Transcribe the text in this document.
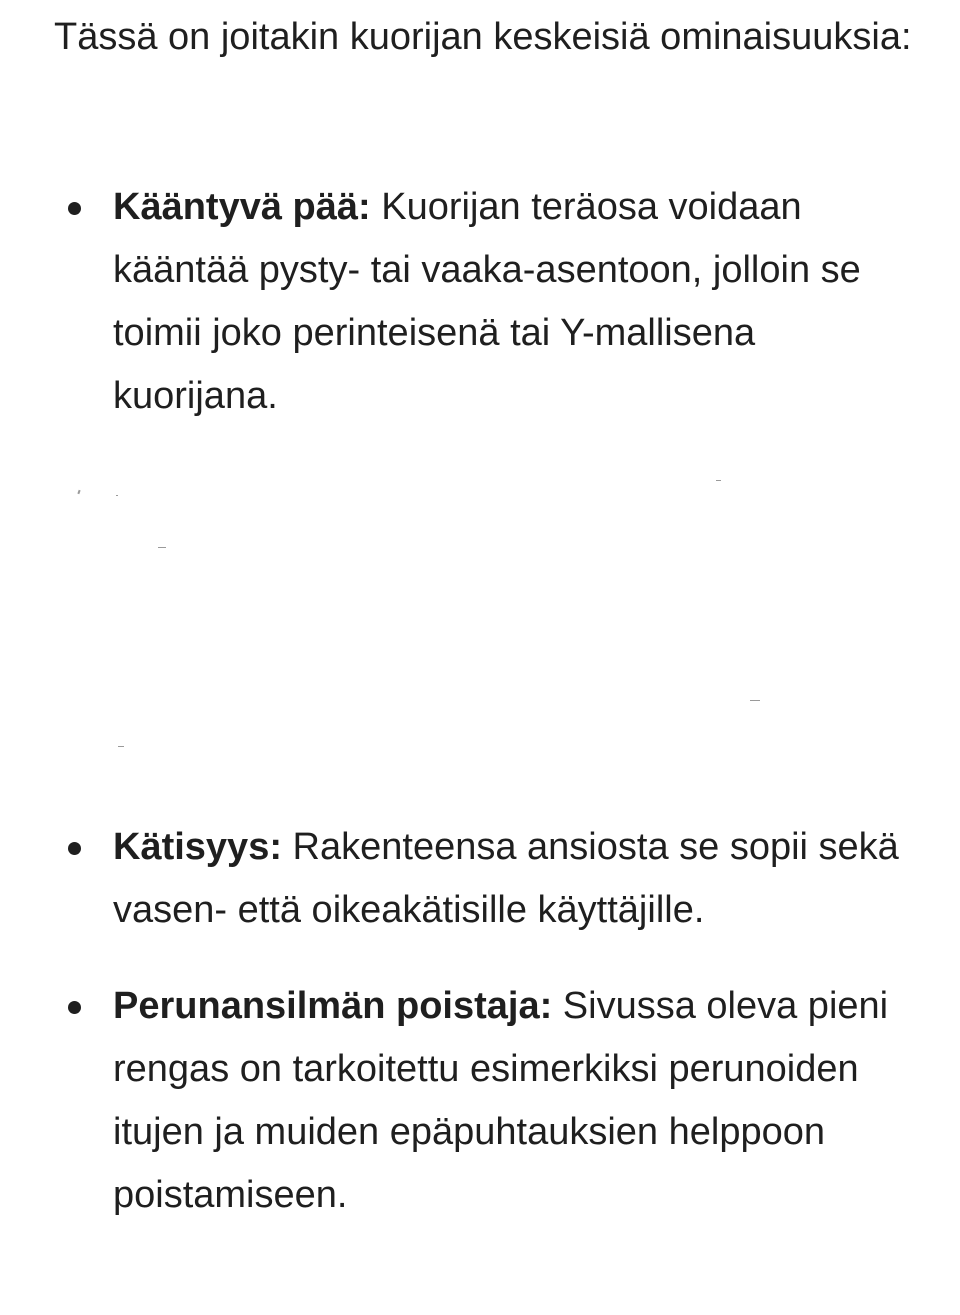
Tässä on joitakin kuorijan keskeisiä ominaisuuksia:

Kääntyvä pää: Kuorijan teräosa voidaan kääntää pysty- tai vaaka-asentoon, jolloin se toimii joko perinteisenä tai Y-mallisena kuorijana.

Kätisyys: Rakenteensa ansiosta se sopii sekä vasen- että oikeakätisille käyttäjille.

Perunansilmän poistaja: Sivussa oleva pieni rengas on tarkoitettu esimerkiksi perunoiden itujen ja muiden epäpuhtauksien helppoon poistamiseen.
